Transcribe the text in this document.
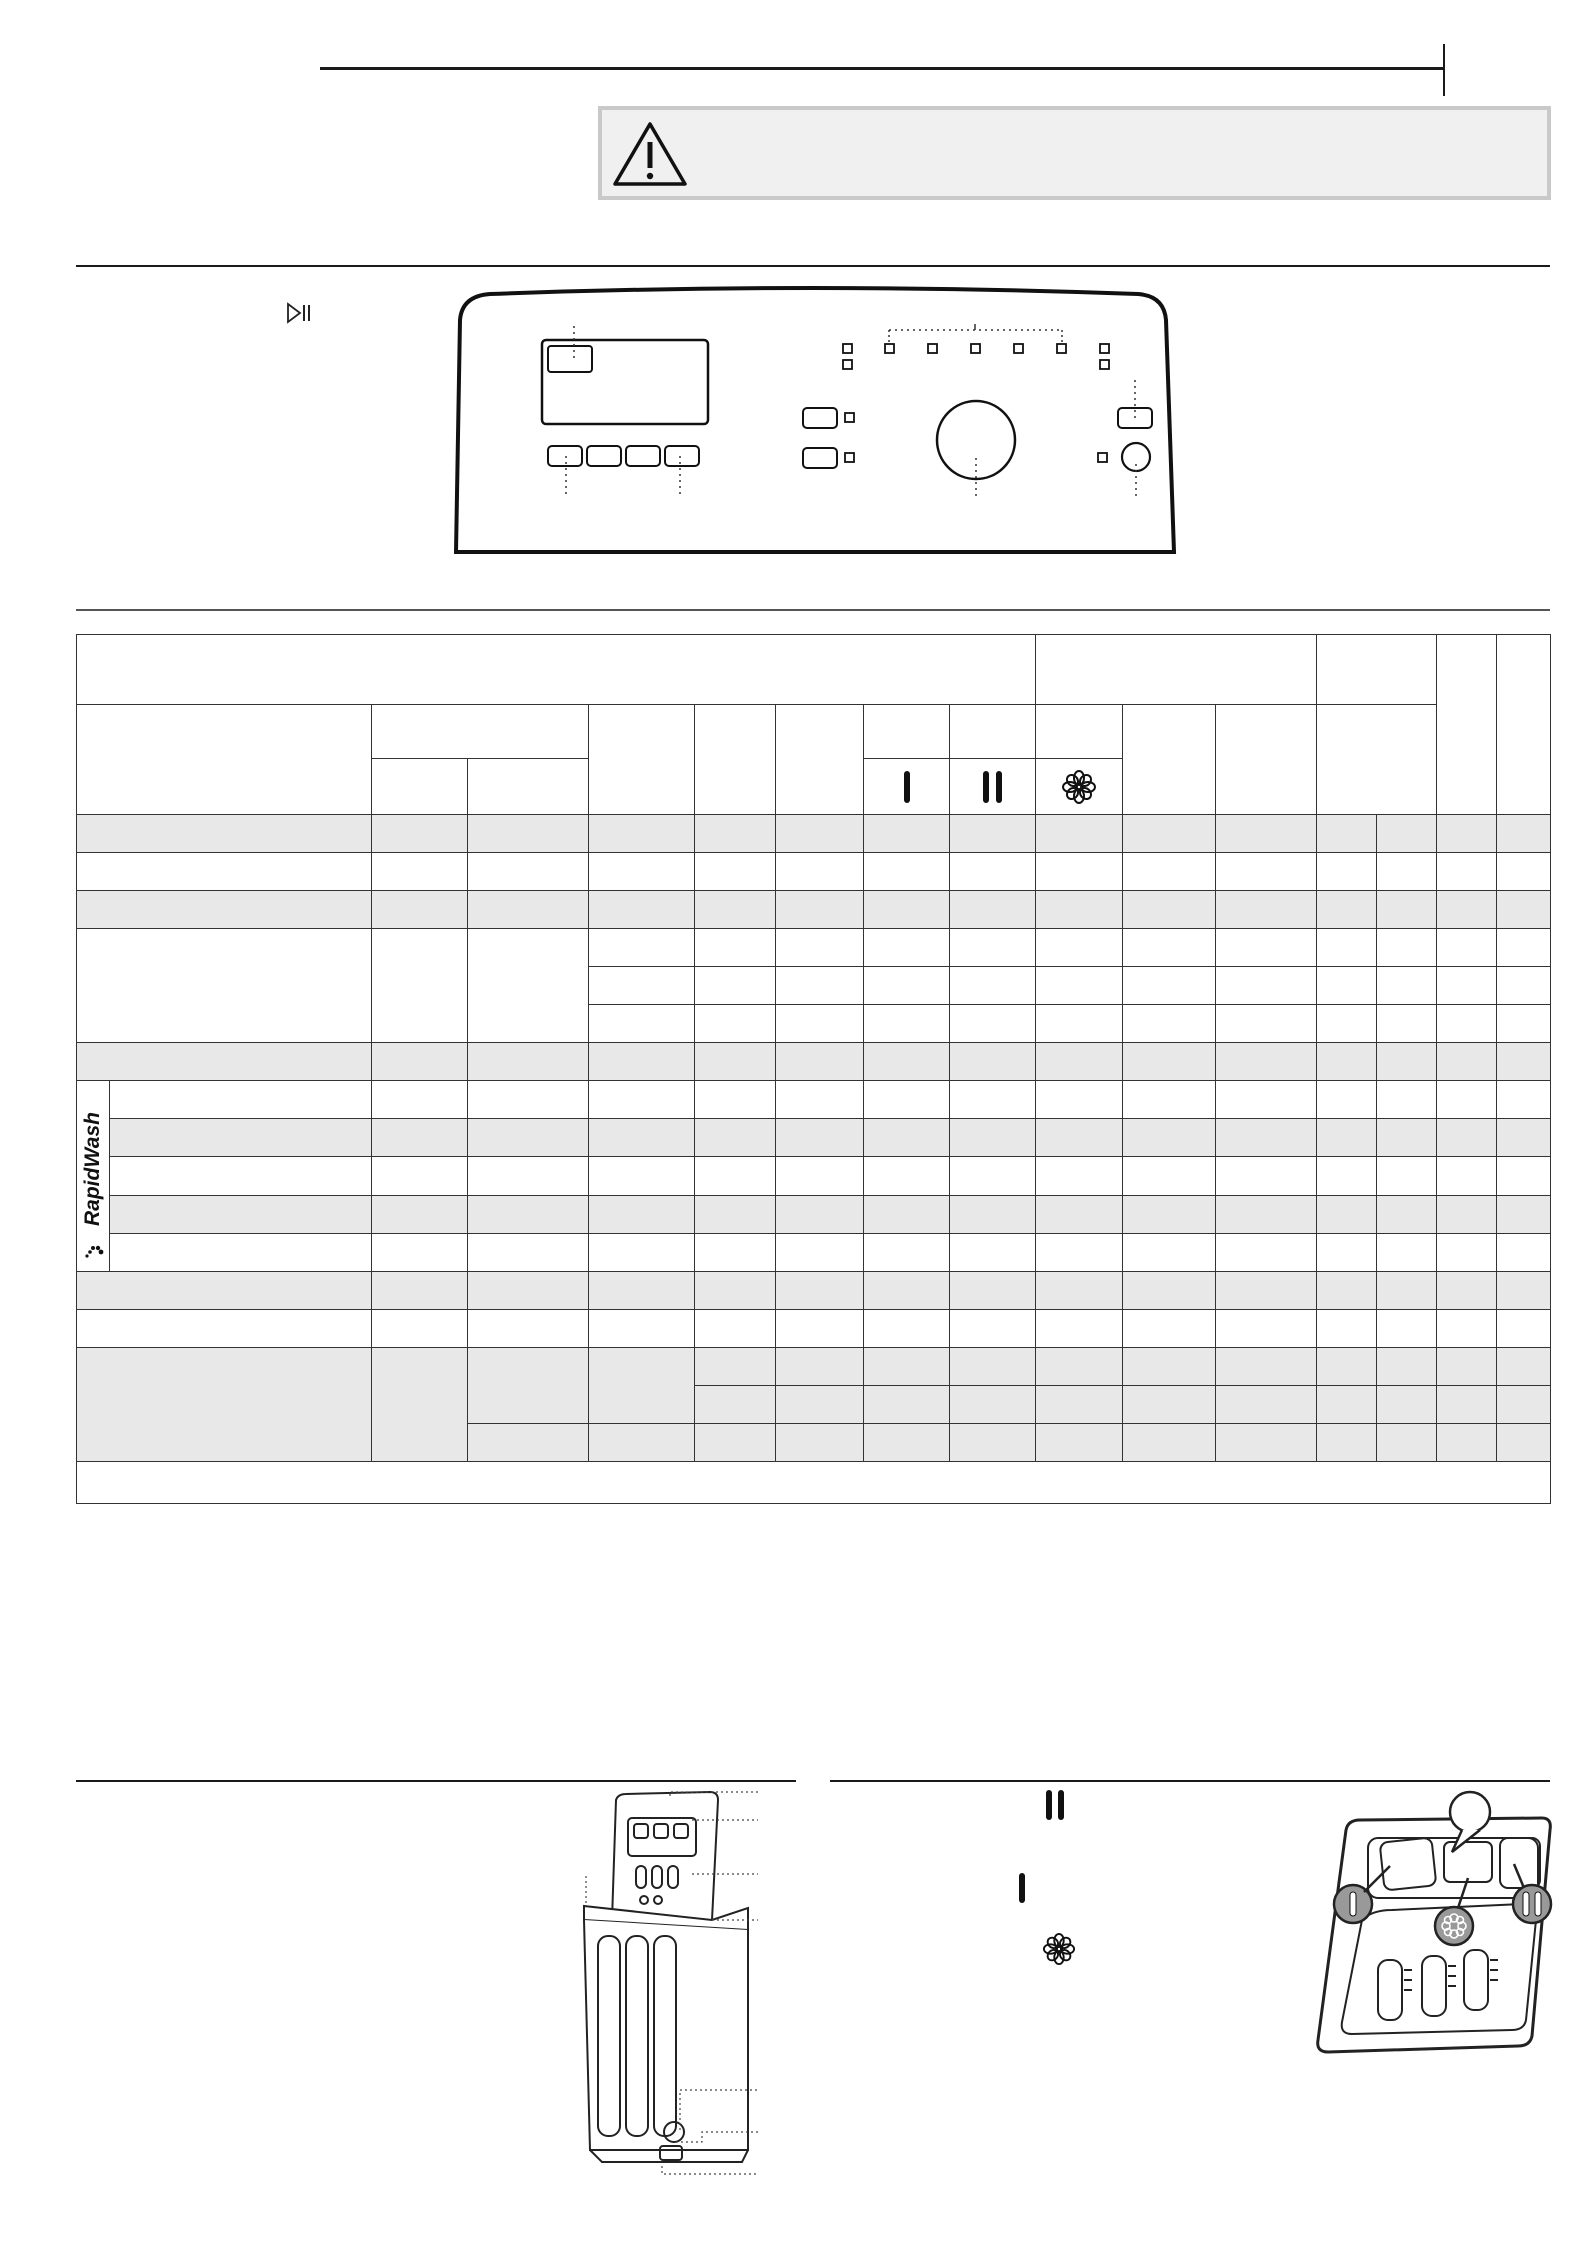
RapidWash																
